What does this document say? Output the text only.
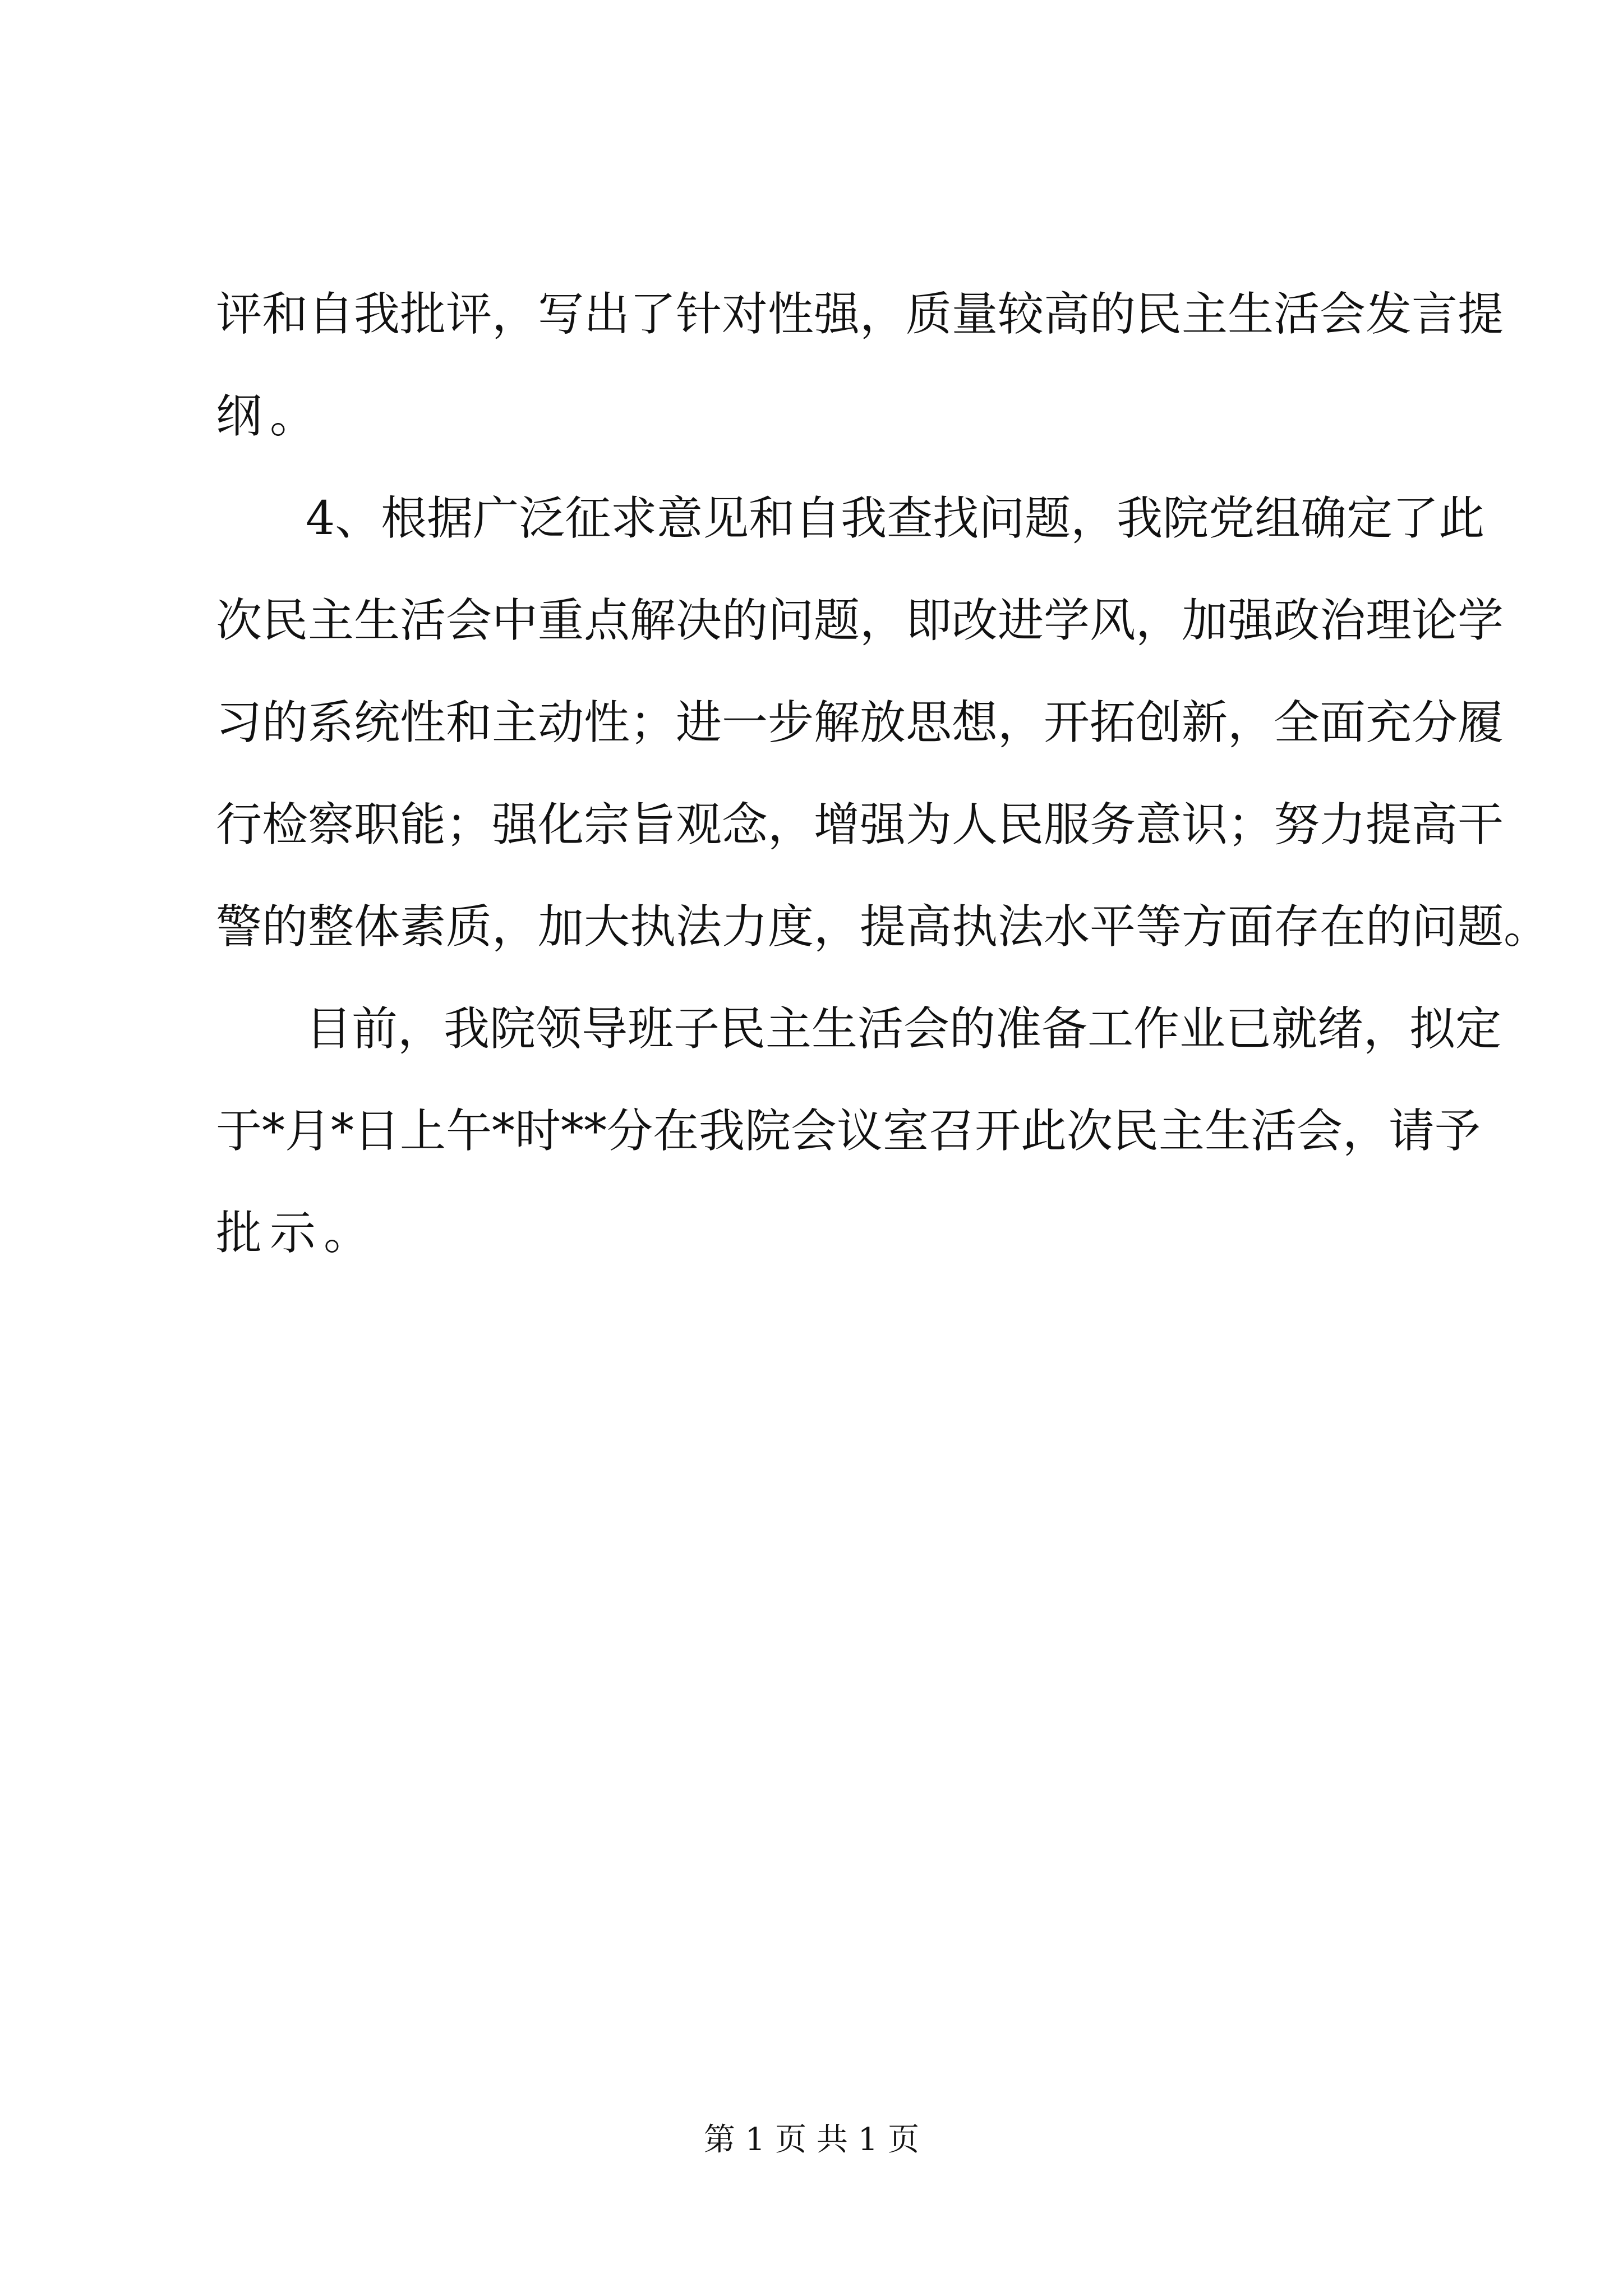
评和自我批评，写出了针对性强，质量较高的民主生活会发言提
纲。
4、根据广泛征求意见和自我查找问题，我院党组确定了此
次民主生活会中重点解决的问题，即改进学风，加强政治理论学
习的系统性和主动性；进一步解放思想，开拓创新，全面充分履
行检察职能；强化宗旨观念，增强为人民服务意识；努力提高干
警的整体素质，加大执法力度，提高执法水平等方面存在的问题。
目前，我院领导班子民主生活会的准备工作业已就绪，拟定
于*月*日上午*时**分在我院会议室召开此次民主生活会，请予
批示。
第 1 页 共 1 页
